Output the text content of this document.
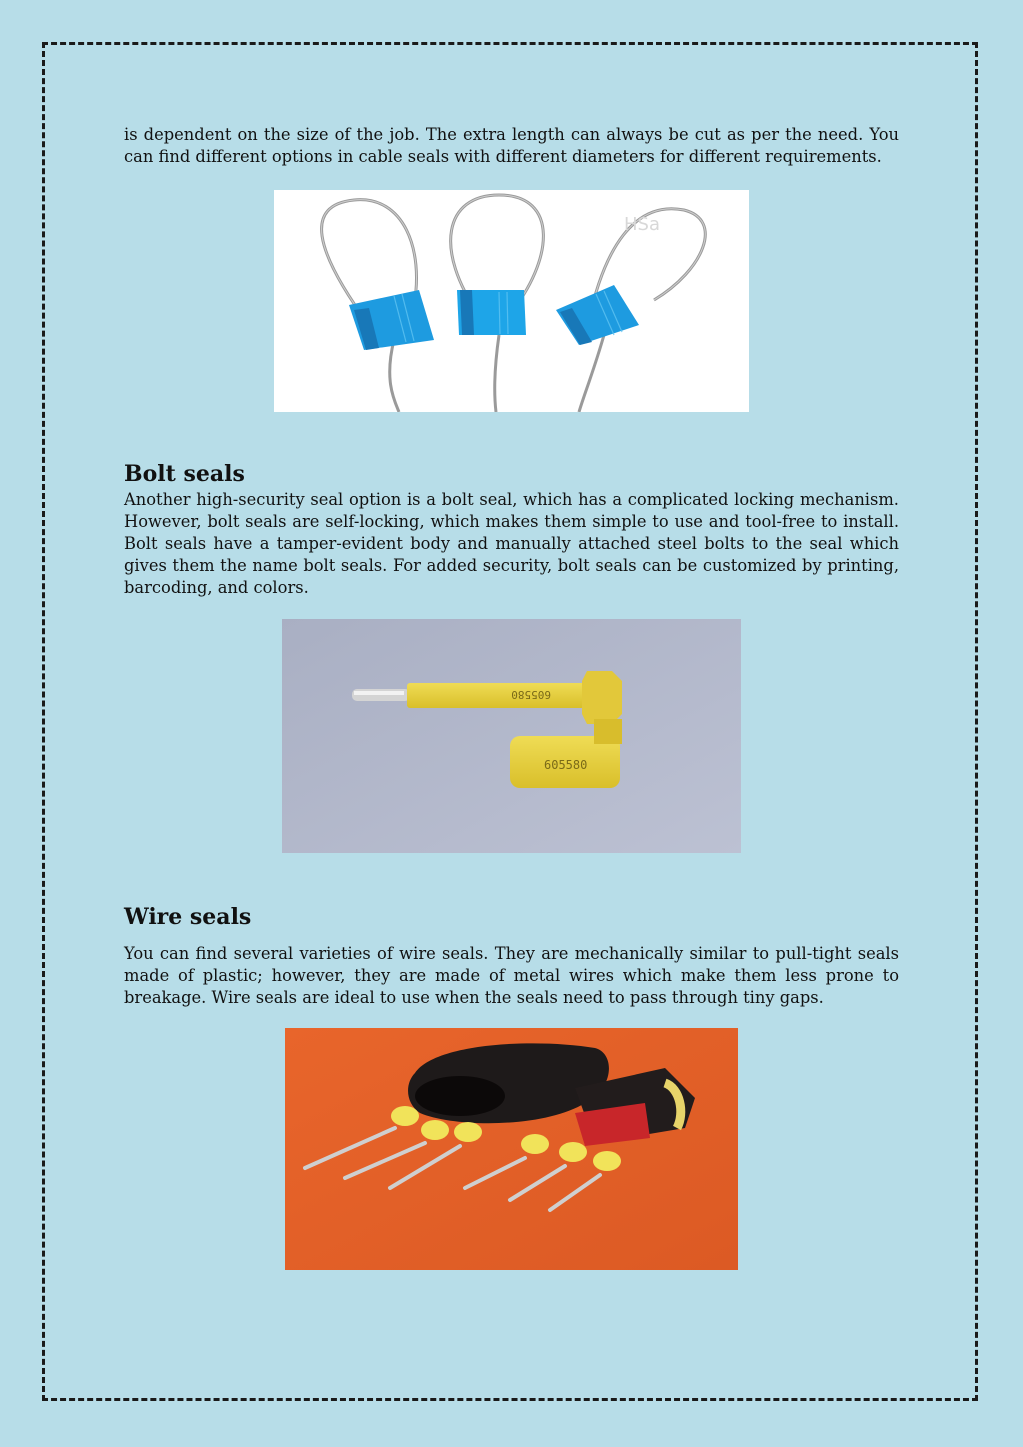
is dependent on the size of the job. The extra length can always be cut as per the need. You can find different options in cable seals with different diameters for different requirements.

HSa
Bolt seals

Another high-security seal option is a bolt seal, which has a complicated locking mechanism. However, bolt seals are self-locking, which makes them simple to use and tool-free to install. Bolt seals have a tamper-evident body and manually attached steel bolts to the seal which gives them the name bolt seals. For added security, bolt seals can be customized by printing, barcoding, and colors.

605580
605580
Wire seals

You can find several varieties of wire seals. They are mechanically similar to pull-tight seals made of plastic; however, they are made of metal wires which make them less prone to breakage. Wire seals are ideal to use when the seals need to pass through tiny gaps.
